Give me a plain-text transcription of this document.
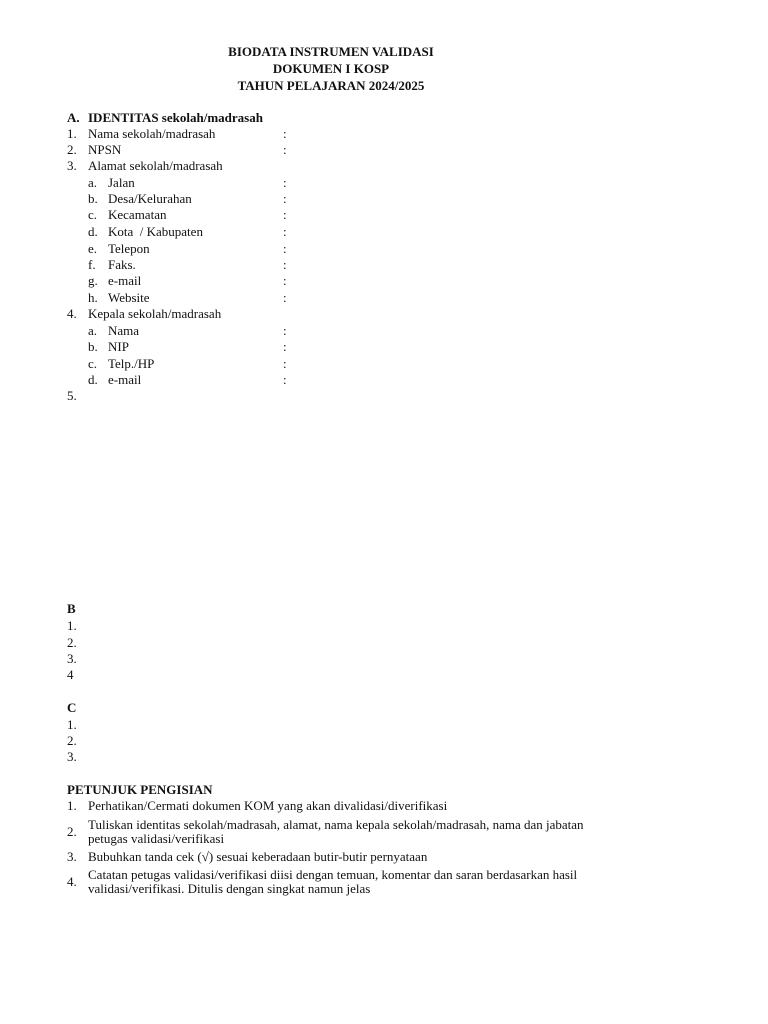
BIODATA INSTRUMEN VALIDASI
DOKUMEN I KOSP
TAHUN PELAJARAN 2024/2025
A. IDENTITAS sekolah/madrasah
1. Nama sekolah/madrasah	:
2. NPSN	:
3. Alamat sekolah/madrasah
a. Jalan	:
b. Desa/Kelurahan	:
c. Kecamatan	:
d. Kota  / Kabupaten	:
e. Telepon	:
f. Faks.	:
g. e-mail	:
h. Website	:
4. Kepala sekolah/madrasah
a. Nama	:
b. NIP	:
c. Telp./HP	:
d. e-mail	:
5.
B
1.
2.
3.
4
C
1.
2.
3.
PETUNJUK PENGISIAN
1. Perhatikan/Cermati dokumen KOM yang akan divalidasi/diverifikasi
2. Tuliskan identitas sekolah/madrasah, alamat, nama kepala sekolah/madrasah, nama dan jabatan petugas validasi/verifikasi
3. Bubuhkan tanda cek (√) sesuai keberadaan butir-butir pernyataan
4. Catatan petugas validasi/verifikasi diisi dengan temuan, komentar dan saran berdasarkan hasil validasi/verifikasi. Ditulis dengan singkat namun jelas
